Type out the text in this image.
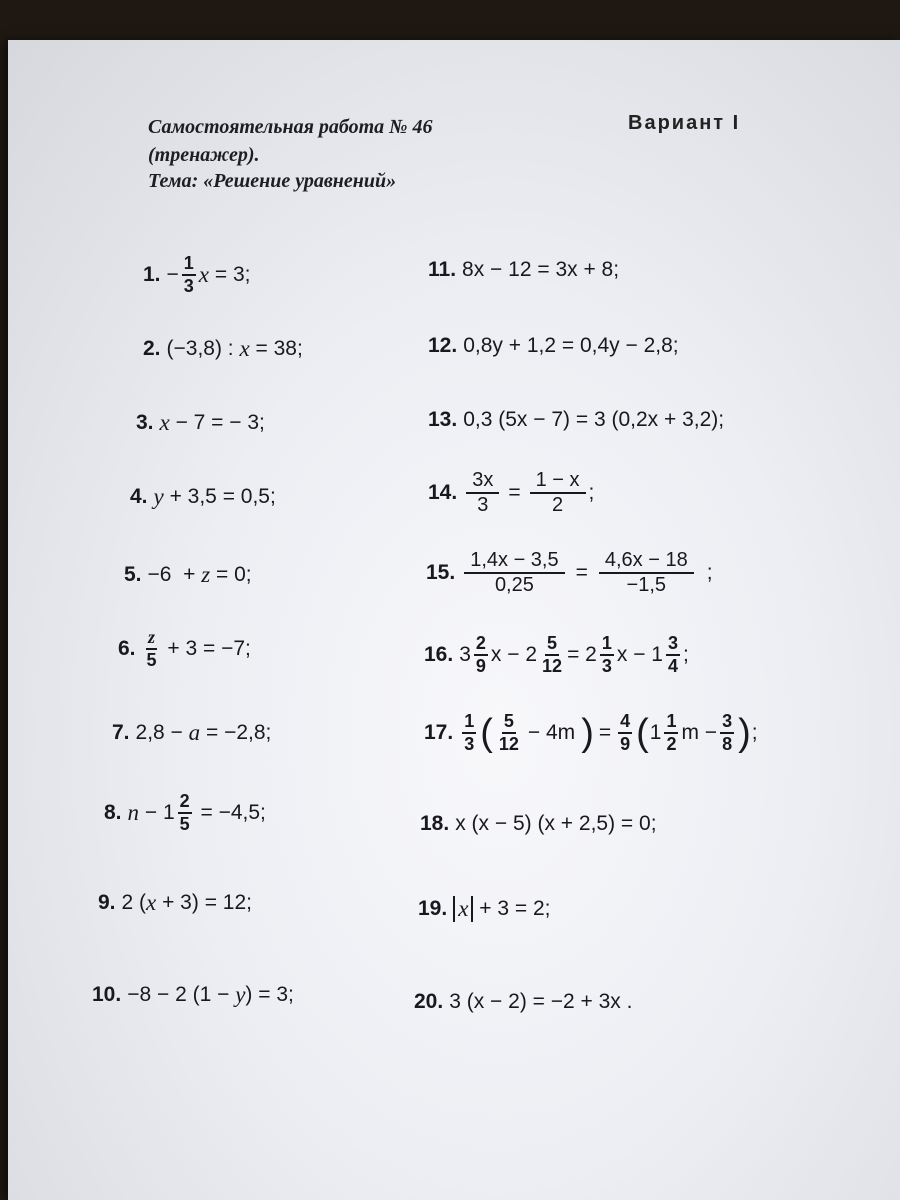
Самостоятельная работа № 46
(тренажер).
Тема: «Решение уравнений»
Вариант I
1. − $\frac{1}{3}$ x
= 3;
2. (−3,8) : x = 38;
3. x − 7 = − 3;
4. y + 3,5 = 0,5;
5. −6  + z = 0;
6. $\frac{z}{5} + 3 = -7$;
7. 2,8 − a = −2,8;
8. $n - 1 \frac{2}{5} = -4,5$;
9. 2 ( x + 3) = 12;
10. −8 − 2 (1 − y ) = 3;
11. 8x − 12 = 3x + 8;
12. 0,8y + 1,2 = 0,4y − 2,8;
13. 0,3 (5x − 7) = 3 (0,2x + 3,2);
14. $\frac{3x}{3} = \frac{1 - x}{2}$ ;
15. $\frac{1,4x - 3,5}{0,25} = \frac{4,6x - 18}{-1,5}$ ;
16. $3 \frac{2}{9}$ $x - 2 \frac{5}{12} = 2 \frac{1}{3}$ $x - 1 \frac{3}{4}$ ;
17. $\frac{1}{3}$ ( $\frac{5}{12} - 4m$ ) = $\frac{4}{9}$ ( $1 \frac{1}{2}$ $m - \frac{3}{8}$ ) ;
18. x (x − 5) (x + 2,5) = 0;
19. x + 3 = 2;
20. 3 (x − 2) = −2 + 3x .
